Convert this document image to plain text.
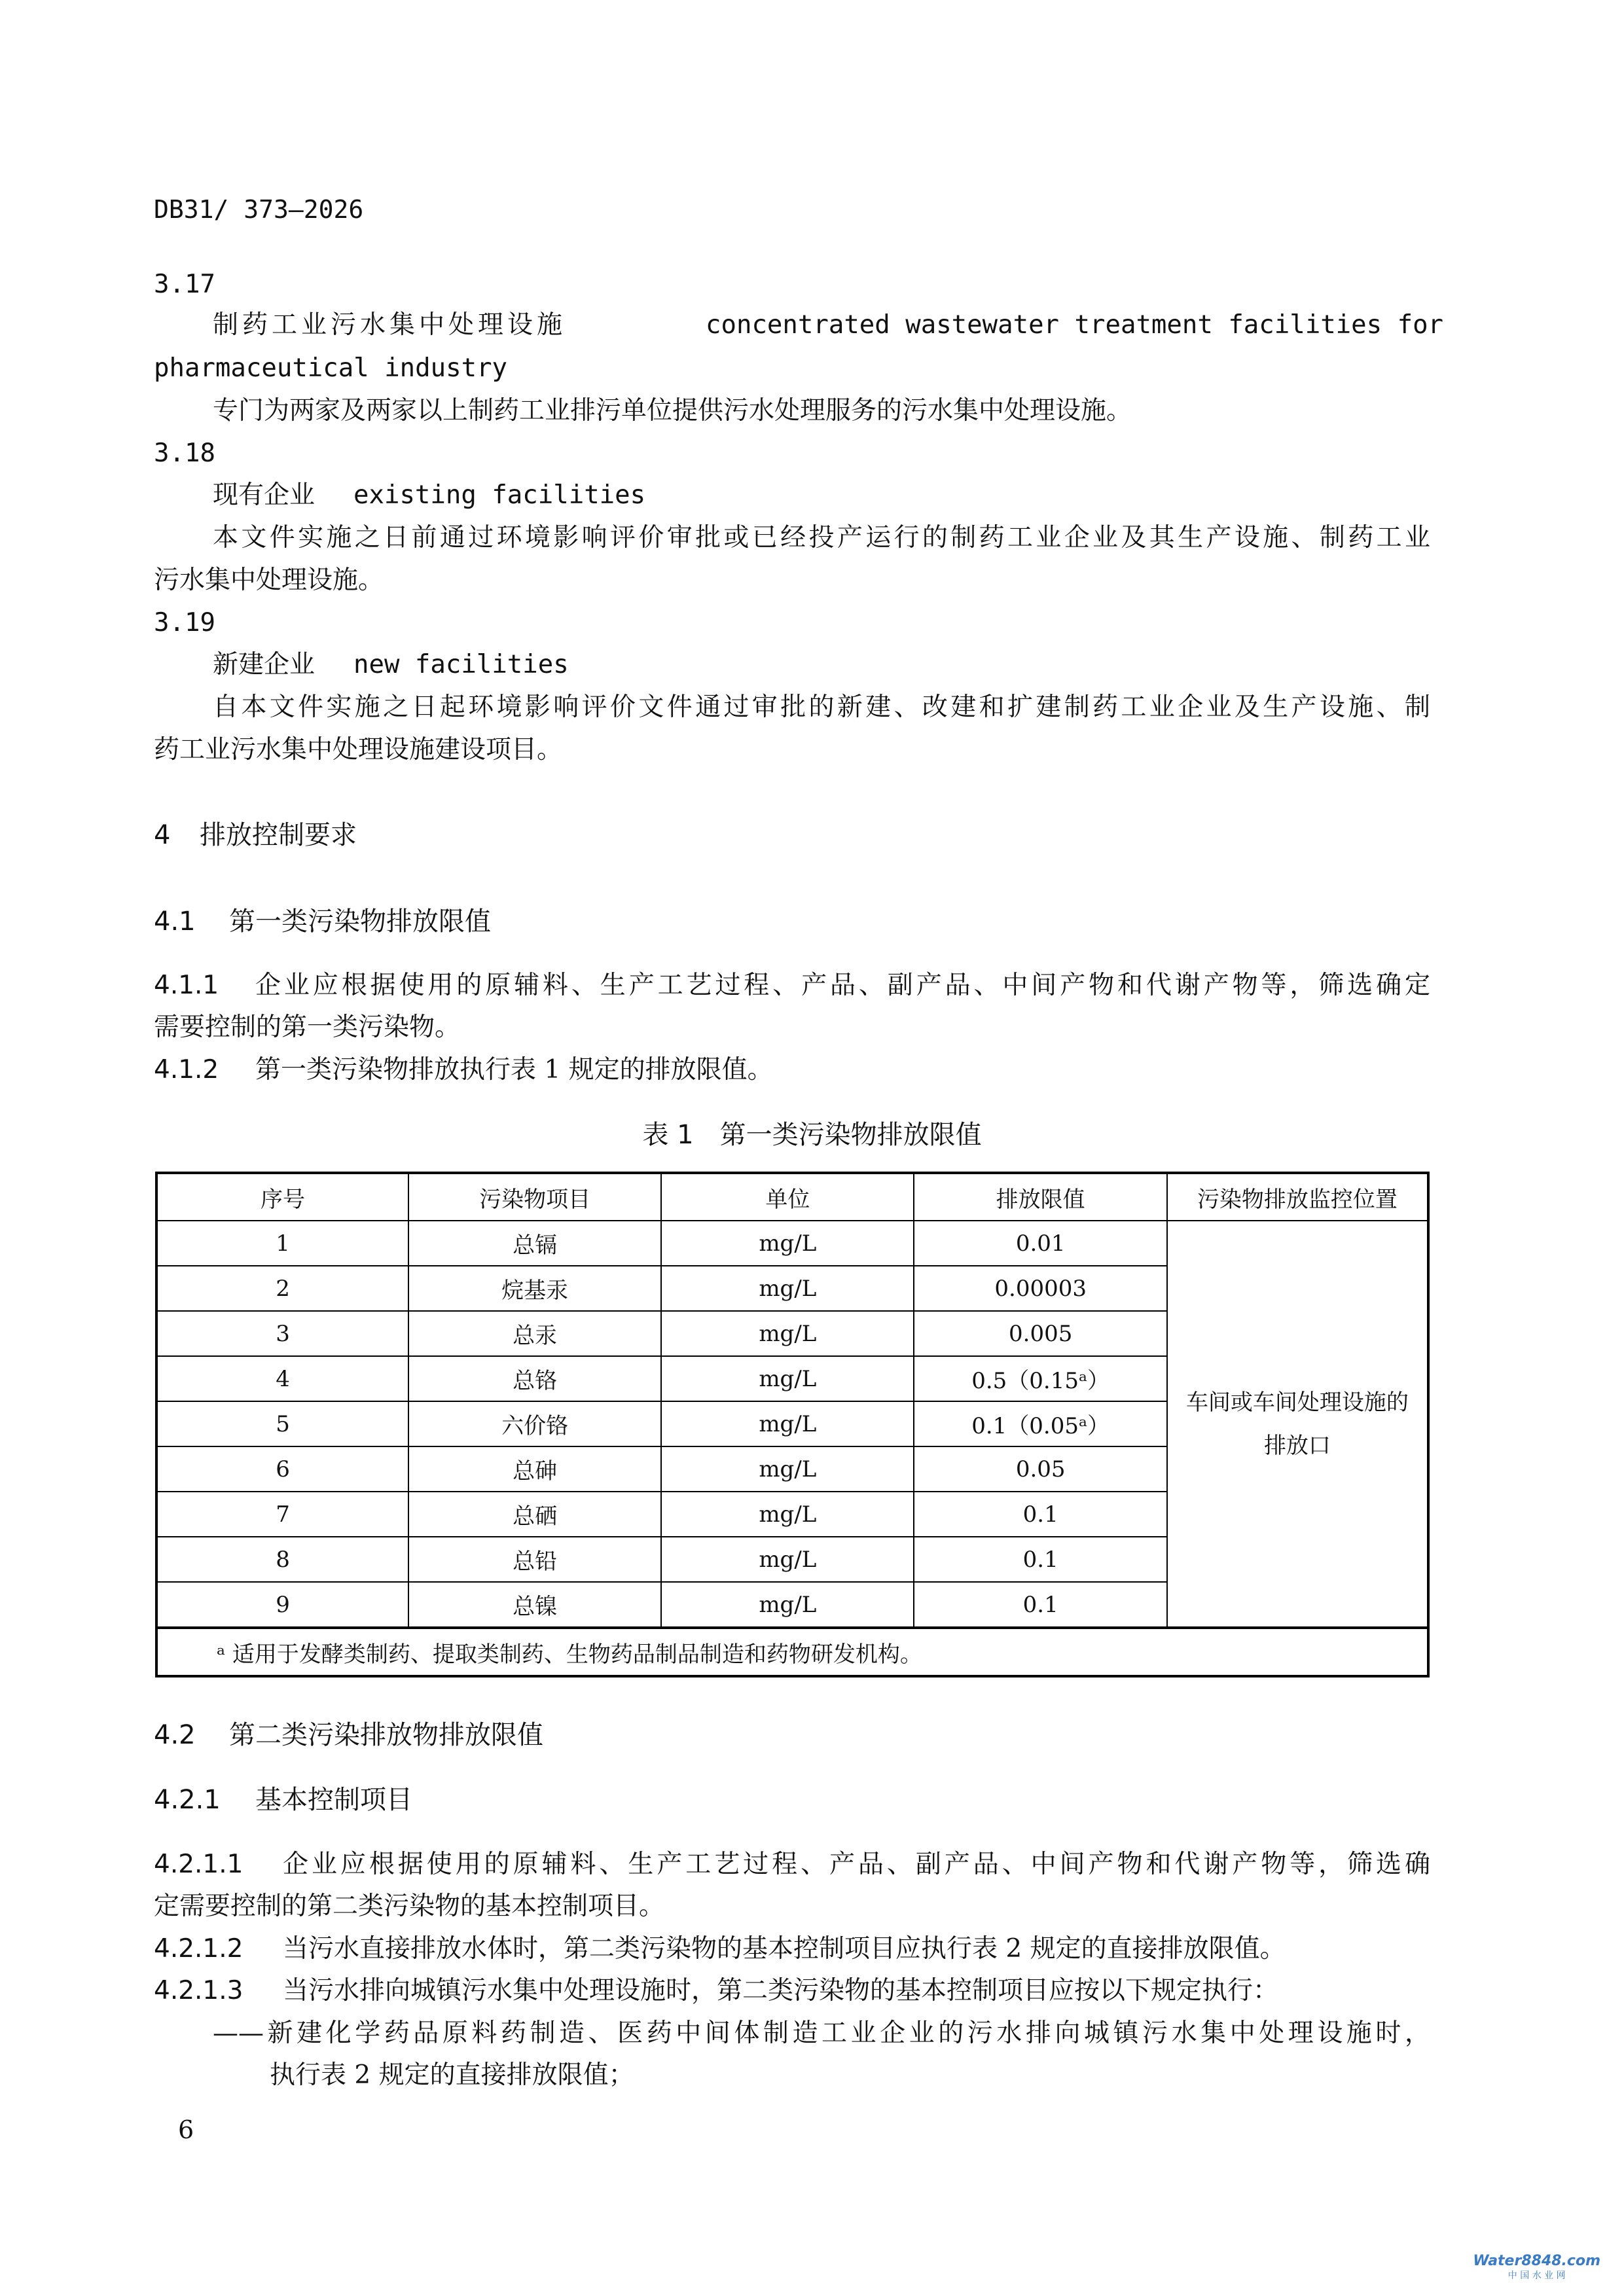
DB31/ 373—2026
3.17
制药工业污水集中处理设施	concentrated wastewater treatment facilities for
pharmaceutical industry
专门为两家及两家以上制药工业排污单位提供污水处理服务的污水集中处理设施。
3.18
现有企业 existing facilities
本文件实施之日前通过环境影响评价审批或已经投产运行的制药工业企业及其生产设施、制药工业
污水集中处理设施。
3.19
新建企业 new facilities
自本文件实施之日起环境影响评价文件通过审批的新建、改建和扩建制药工业企业及生产设施、制
药工业污水集中处理设施建设项目。
4 排放控制要求
4.1 第一类污染物排放限值
4.1.1 企业应根据使用的原辅料、生产工艺过程、产品、副产品、中间产物和代谢产物等，筛选确定
需要控制的第一类污染物。
4.1.2 第一类污染物排放执行表 1 规定的排放限值。
表 1　第一类污染物排放限值
序号	污染物项目	单位	排放限值	污染物排放监控位置
1	总镉	mg/L	0.01	车间或车间处理设施的
排放口
2	烷基汞	mg/L	0.00003	
3	总汞	mg/L	0.005	
4	总铬	mg/L	0.5（0.15ᵃ）	
5	六价铬	mg/L	0.1（0.05ᵃ）	
6	总砷	mg/L	0.05	
7	总硒	mg/L	0.1	
8	总铅	mg/L	0.1	
9	总镍	mg/L	0.1	
ᵃ 适用于发酵类制药、提取类制药、生物药品制品制造和药物研发机构。				
4.2 第二类污染排放物排放限值
4.2.1 基本控制项目
4.2.1.1 企业应根据使用的原辅料、生产工艺过程、产品、副产品、中间产物和代谢产物等，筛选确
定需要控制的第二类污染物的基本控制项目。
4.2.1.2 当污水直接排放水体时，第二类污染物的基本控制项目应执行表 2 规定的直接排放限值。
4.2.1.3 当污水排向城镇污水集中处理设施时，第二类污染物的基本控制项目应按以下规定执行：
——新建化学药品原料药制造、医药中间体制造工业企业的污水排向城镇污水集中处理设施时，
执行表 2 规定的直接排放限值；
6
Water8848.com
中 国 水 业 网
